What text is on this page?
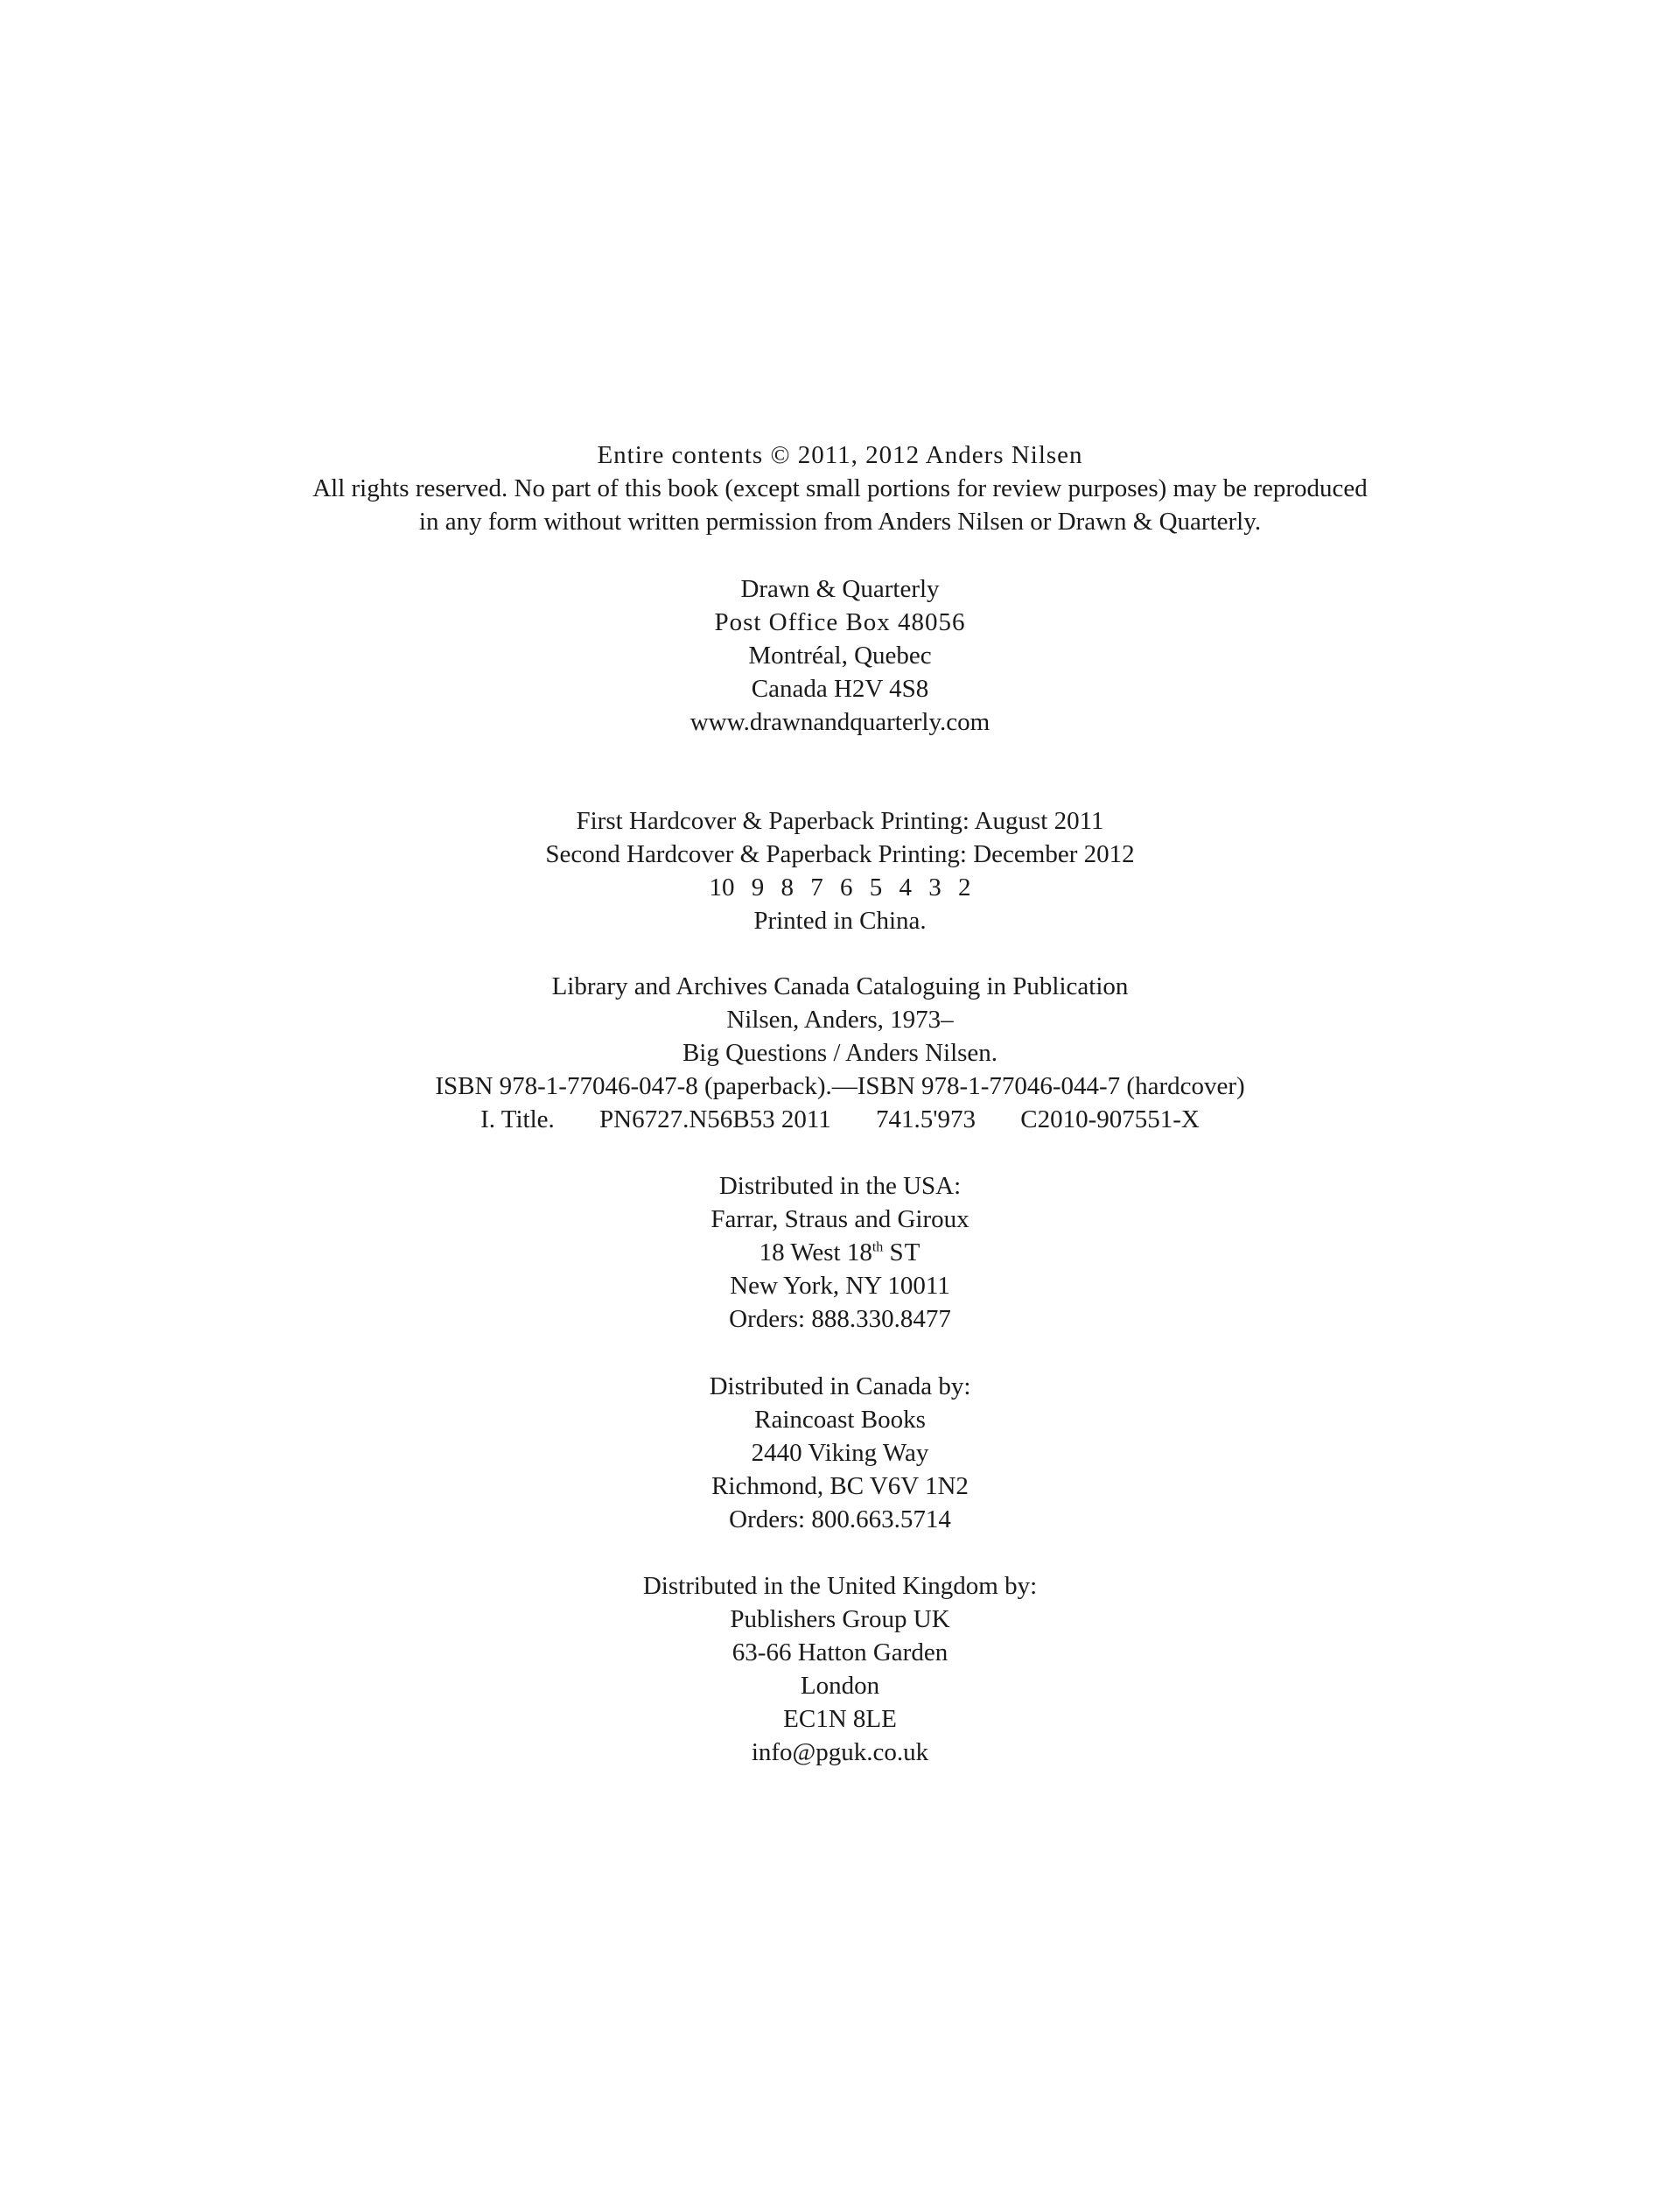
Entire contents © 2011, 2012 Anders Nilsen
All rights reserved. No part of this book (except small portions for review purposes) may be reproduced
in any form without written permission from Anders Nilsen or Drawn & Quarterly.
Drawn & Quarterly
Post Office Box 48056
Montréal, Quebec
Canada H2V 4S8
www.drawnandquarterly.com
First Hardcover & Paperback Printing: August 2011
Second Hardcover & Paperback Printing: December 2012
10 9 8 7 6 5 4 3 2
Printed in China.
Library and Archives Canada Cataloguing in Publication
Nilsen, Anders, 1973–
Big Questions / Anders Nilsen.
ISBN 978-1-77046-047-8 (paperback).—ISBN 978-1-77046-044-7 (hardcover)
I. Title. PN6727.N56B53 2011 741.5'973 C2010-907551-X
Distributed in the USA:
Farrar, Straus and Giroux
18 West 18th ST
New York, NY 10011
Orders: 888.330.8477
Distributed in Canada by:
Raincoast Books
2440 Viking Way
Richmond, BC V6V 1N2
Orders: 800.663.5714
Distributed in the United Kingdom by:
Publishers Group UK
63-66 Hatton Garden
London
EC1N 8LE
info@pguk.co.uk
